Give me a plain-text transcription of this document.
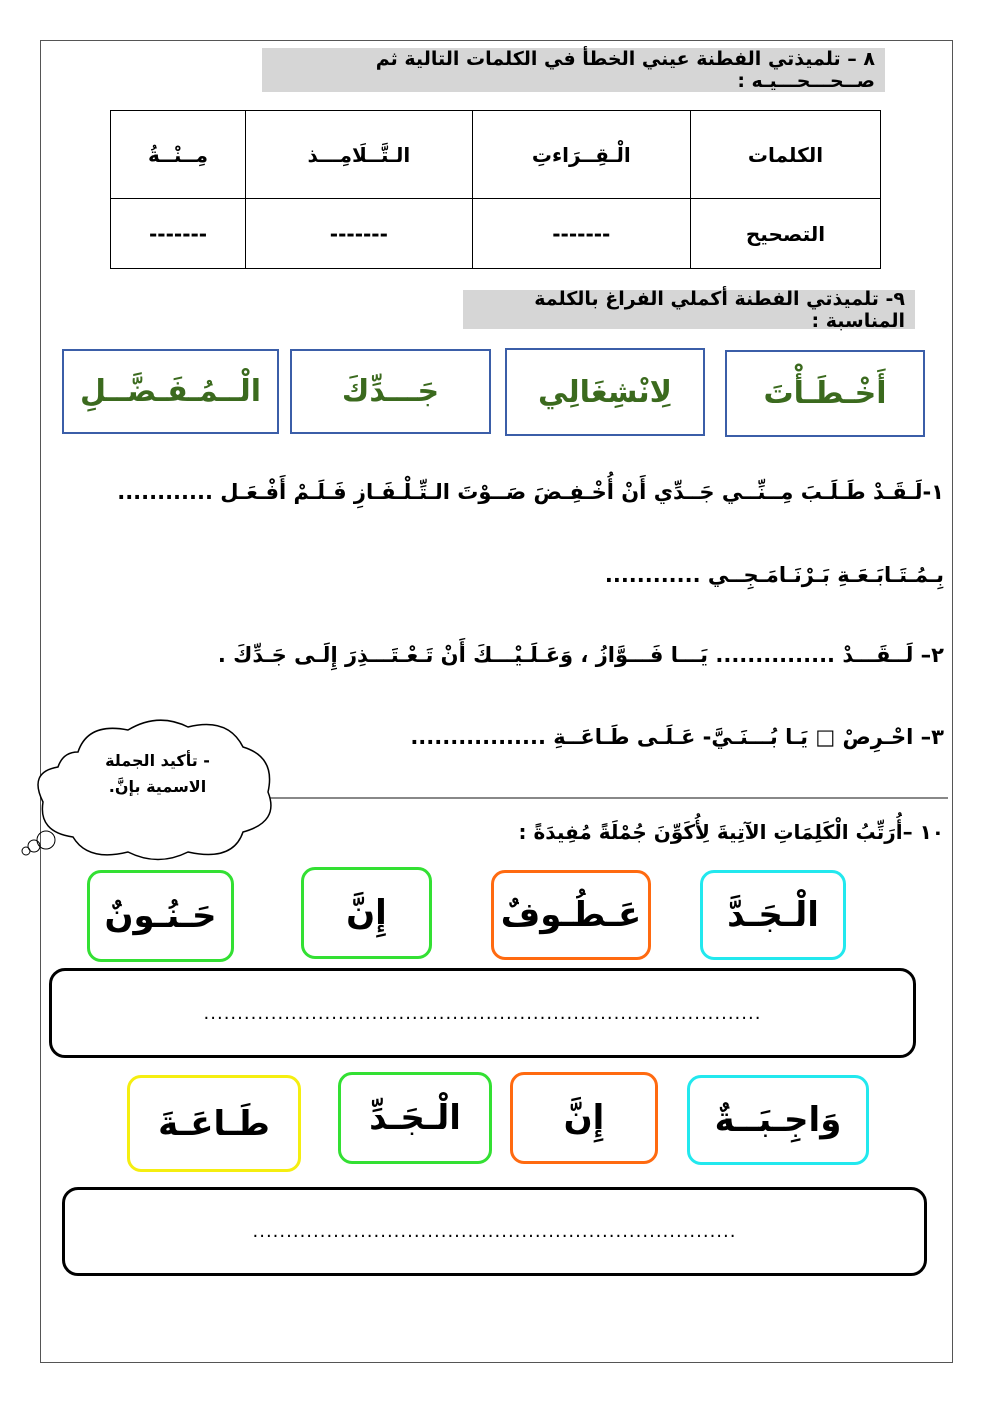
٨ – تلميذتي الفطنة عيني الخطأ في الكلمات التالية ثم صــحـــحـــيـه :
الكلمات	الْـقِــرَاءتِ	الـتَّــلَامِـــذ	مِــنْــةُ
التصحيح	-------	-------	-------
٩- تلميذتي الفطنة أكملي الفراغ بالكلمة المناسبة :
أَخْـطَـأْتَ
لِانْشِغَالِي
جَـــدِّكَ
الْــمُـفَـضَّــلِ
١-لَـقَـدْ طَـلَـبَ مِــنِّــي جَــدِّي أَنْ أُخْـفِـضَ صَــوْتَ الـتِّـلْـفَـازِ فَـلَـمْ أَفْـعَـل ............
بِـمُـتَـابَـعَـةِ بَـرْنَـامَـجِــي ............
٢– لَــقَـــدْ ............... يَـــا فَـــوَّازُ ، وَعَـلَـيْـــكَ أَنْ تَـعْـتَـــذِرَ إِلَـى جَـدِّكَ .
٣– احْـرِصْ □ يَـا بُـــنَـيَّ- عَـلَـى طَـاعَــةِ .................
- تأكيد الجملة الاسمية بإنَّ.
١٠ –أُرَتِّبُ الْكَلِمَاتِ الآتِيةَ لِأُكَوِّنَ جُمْلَةً مُفِيدَةً :
الْـجَـدَّ
عَـطُـوفٌ
إِنَّ
حَـنُـونٌ
...................................................................................
وَاجِـبَــةٌ
إِنَّ
الْـجَـدِّ
طَـاعَـةَ
........................................................................
